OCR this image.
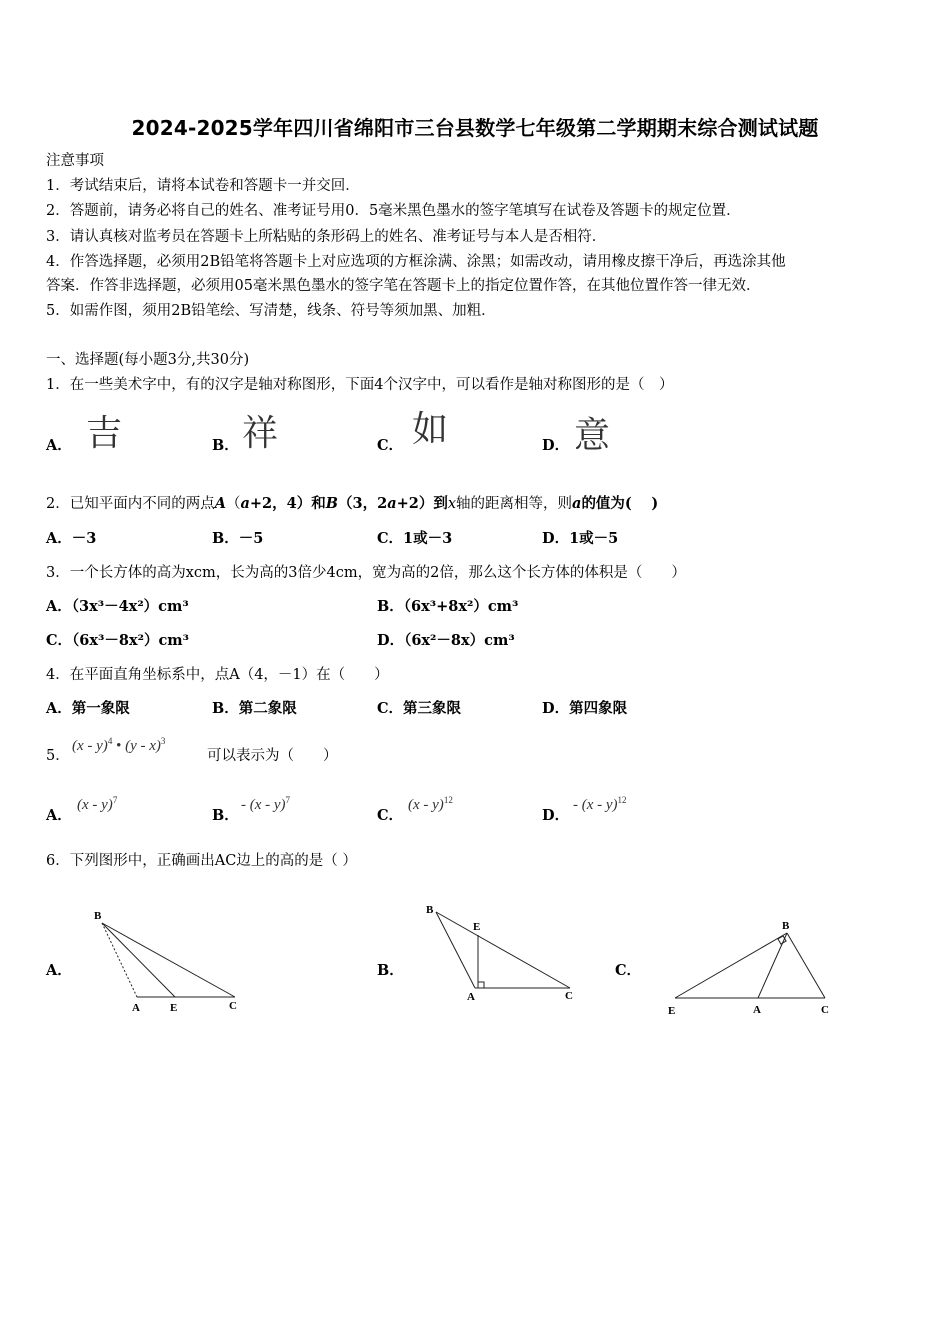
2024-2025学年四川省绵阳市三台县数学七年级第二学期期末综合测试试题
注意事项
1．考试结束后，请将本试卷和答题卡一并交回．
2．答题前，请务必将自己的姓名、准考证号用0．5毫米黑色墨水的签字笔填写在试卷及答题卡的规定位置．
3．请认真核对监考员在答题卡上所粘贴的条形码上的姓名、准考证号与本人是否相符．
4．作答选择题，必须用2B铅笔将答题卡上对应选项的方框涂满、涂黑；如需改动，请用橡皮擦干净后，再选涂其他
答案．作答非选择题，必须用05毫米黑色墨水的签字笔在答题卡上的指定位置作答，在其他位置作答一律无效．
5．如需作图，须用2B铅笔绘、写清楚，线条、符号等须加黑、加粗．
一、选择题(每小题3分,共30分)
1．在一些美术字中，有的汉字是轴对称图形，下面4个汉字中，可以看作是轴对称图形的是（　）
A． 吉	B． 祥	C． 如	D． 意
2．已知平面内不同的两点A（a+2，4）和B（3，2a+2）到x轴的距离相等，则a的值为(　 )
A．－3	B．－5	C．1或－3	D．1或－5
3．一个长方体的高为xcm，长为高的3倍少4cm，宽为高的2倍，那么这个长方体的体积是（　　）
A．（3x³－4x²）cm³	B．（6x³+8x²）cm³
C．（6x³－8x²）cm³	D．（6x²－8x）cm³
4．在平面直角坐标系中，点A（4，－1）在（　　）
A．第一象限	B．第二象限	C．第三象限	D．第四象限
5．
(x - y)$^4$ • (y - x)$^3$
可以表示为（　　）
A．
(x - y)$^7$
B．
- (x - y)$^7$
C．
(x - y)$^{12}$
D．
- (x - y)$^{12}$
6．下列图形中，正确画出AC边上的高的是（ ）
A．
B
A	E	C
B．
B
E
A	C
C．
B
E	A	C
